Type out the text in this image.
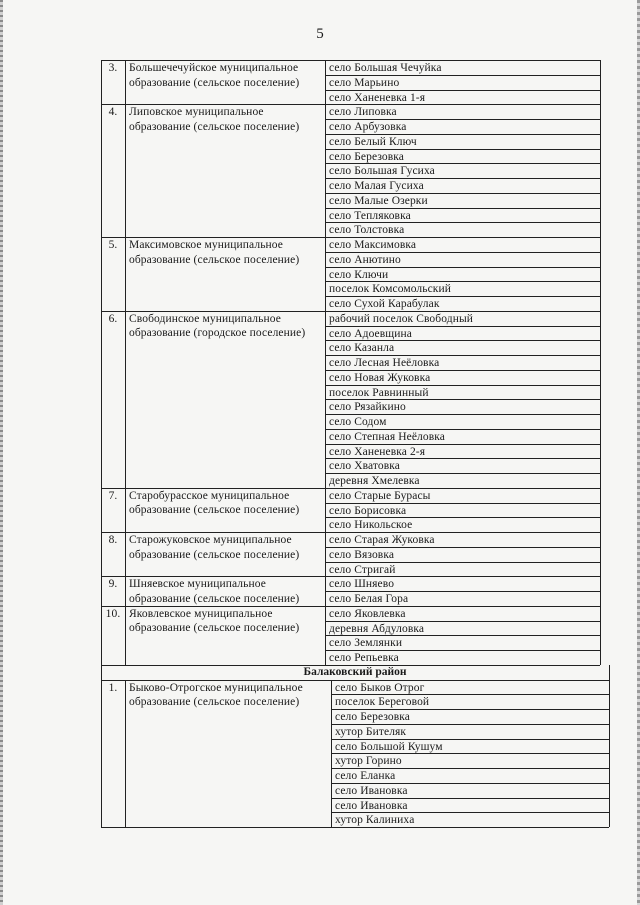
5
3.	Большечечуйское муниципальное образование (сельское поселение)
село Большая Чечуйка
село Марьино
село Ханеневка 1-я
4.	Липовское муниципальное образование (сельское поселение)
село Липовка
село Арбузовка
село Белый Ключ
село Березовка
село Большая Гусиха
село Малая Гусиха
село Малые Озерки
село Тепляковка
село Толстовка
5.	Максимовское муниципальное образование (сельское поселение)
село Максимовка
село Анютино
село Ключи
поселок Комсомольский
село Сухой Карабулак
6.	Свободинское муниципальное образование (городское поселение)
рабочий поселок Свободный
село Адоевщина
село Казанла
село Лесная Неёловка
село Новая Жуковка
поселок Равнинный
село Рязайкино
село Содом
село Степная Неёловка
село Ханеневка 2-я
село Хватовка
деревня Хмелевка
7.	Старобурасское муниципальное образование (сельское поселение)
село Старые Бурасы
село Борисовка
село Никольское
8.	Старожуковское муниципальное образование (сельское поселение)
село Старая Жуковка
село Вязовка
село Стригай
9.	Шняевское муниципальное образование (сельское поселение)
село Шняево
село Белая Гора
10. Яковлевское муниципальное образование (сельское поселение)
село Яковлевка
деревня Абдуловка
село Землянки
село Репьевка
Балаковский район
1.	Быково-Отрогское муниципальное образование (сельское поселение)
село Быков Отрог
поселок Береговой
село Березовка
хутор Бителяк
село Большой Кушум
хутор Горино
село Еланка
село Ивановка
село Ивановка
хутор Калинихa
